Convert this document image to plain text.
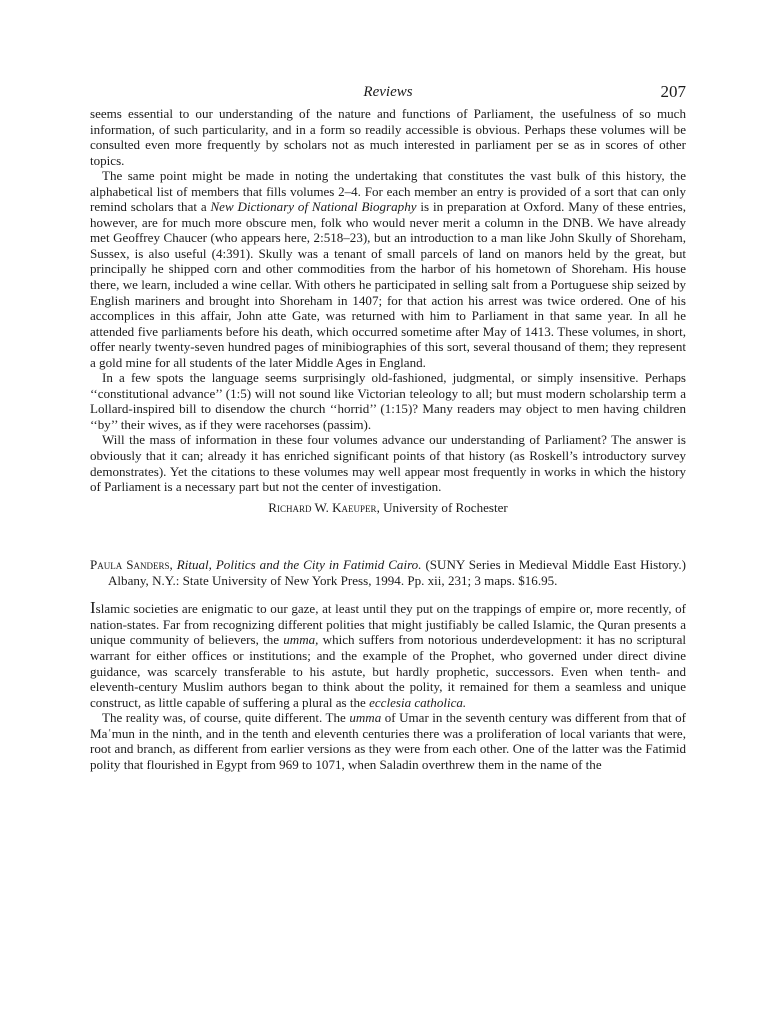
Reviews	207

seems essential to our understanding of the nature and functions of Parliament, the usefulness of so much information, of such particularity, and in a form so readily accessible is obvious. Perhaps these volumes will be consulted even more frequently by scholars not as much interested in parliament per se as in scores of other topics.

The same point might be made in noting the undertaking that constitutes the vast bulk of this history, the alphabetical list of members that fills volumes 2–4. For each member an entry is provided of a sort that can only remind scholars that a New Dictionary of National Biography is in preparation at Oxford. Many of these entries, however, are for much more obscure men, folk who would never merit a column in the DNB. We have already met Geoffrey Chaucer (who appears here, 2:518–23), but an introduction to a man like John Skully of Shoreham, Sussex, is also useful (4:391). Skully was a tenant of small parcels of land on manors held by the great, but principally he shipped corn and other commodities from the harbor of his hometown of Shoreham. His house there, we learn, included a wine cellar. With others he participated in selling salt from a Portuguese ship seized by English mariners and brought into Shoreham in 1407; for that action his arrest was twice ordered. One of his accomplices in this affair, John atte Gate, was returned with him to Parliament in that same year. In all he attended five parliaments before his death, which occurred sometime after May of 1413. These volumes, in short, offer nearly twenty-seven hundred pages of minibiographies of this sort, several thousand of them; they represent a gold mine for all students of the later Middle Ages in England.

In a few spots the language seems surprisingly old-fashioned, judgmental, or simply insensitive. Perhaps ‘‘constitutional advance’’ (1:5) will not sound like Victorian teleology to all; but must modern scholarship term a Lollard-inspired bill to disendow the church ‘‘horrid’’ (1:15)? Many readers may object to men having children ‘‘by’’ their wives, as if they were racehorses (passim).

Will the mass of information in these four volumes advance our understanding of Parliament? The answer is obviously that it can; already it has enriched significant points of that history (as Roskell’s introductory survey demonstrates). Yet the citations to these volumes may well appear most frequently in works in which the history of Parliament is a necessary part but not the center of investigation.

Richard W. Kaeuper, University of Rochester

Paula Sanders, Ritual, Politics and the City in Fatimid Cairo. (SUNY Series in Medieval Middle East History.) Albany, N.Y.: State University of New York Press, 1994. Pp. xii, 231; 3 maps. $16.95.

Islamic societies are enigmatic to our gaze, at least until they put on the trappings of empire or, more recently, of nation-states. Far from recognizing different polities that might justifiably be called Islamic, the Quran presents a unique community of believers, the umma, which suffers from notorious underdevelopment: it has no scriptural warrant for either offices or institutions; and the example of the Prophet, who governed under direct divine guidance, was scarcely transferable to his astute, but hardly prophetic, successors. Even when tenth- and eleventh-century Muslim authors began to think about the polity, it remained for them a seamless and unique construct, as little capable of suffering a plural as the ecclesia catholica.

The reality was, of course, quite different. The umma of Umar in the seventh century was different from that of Maʿmun in the ninth, and in the tenth and eleventh centuries there was a proliferation of local variants that were, root and branch, as different from earlier versions as they were from each other. One of the latter was the Fatimid polity that flourished in Egypt from 969 to 1071, when Saladin overthrew them in the name of the
